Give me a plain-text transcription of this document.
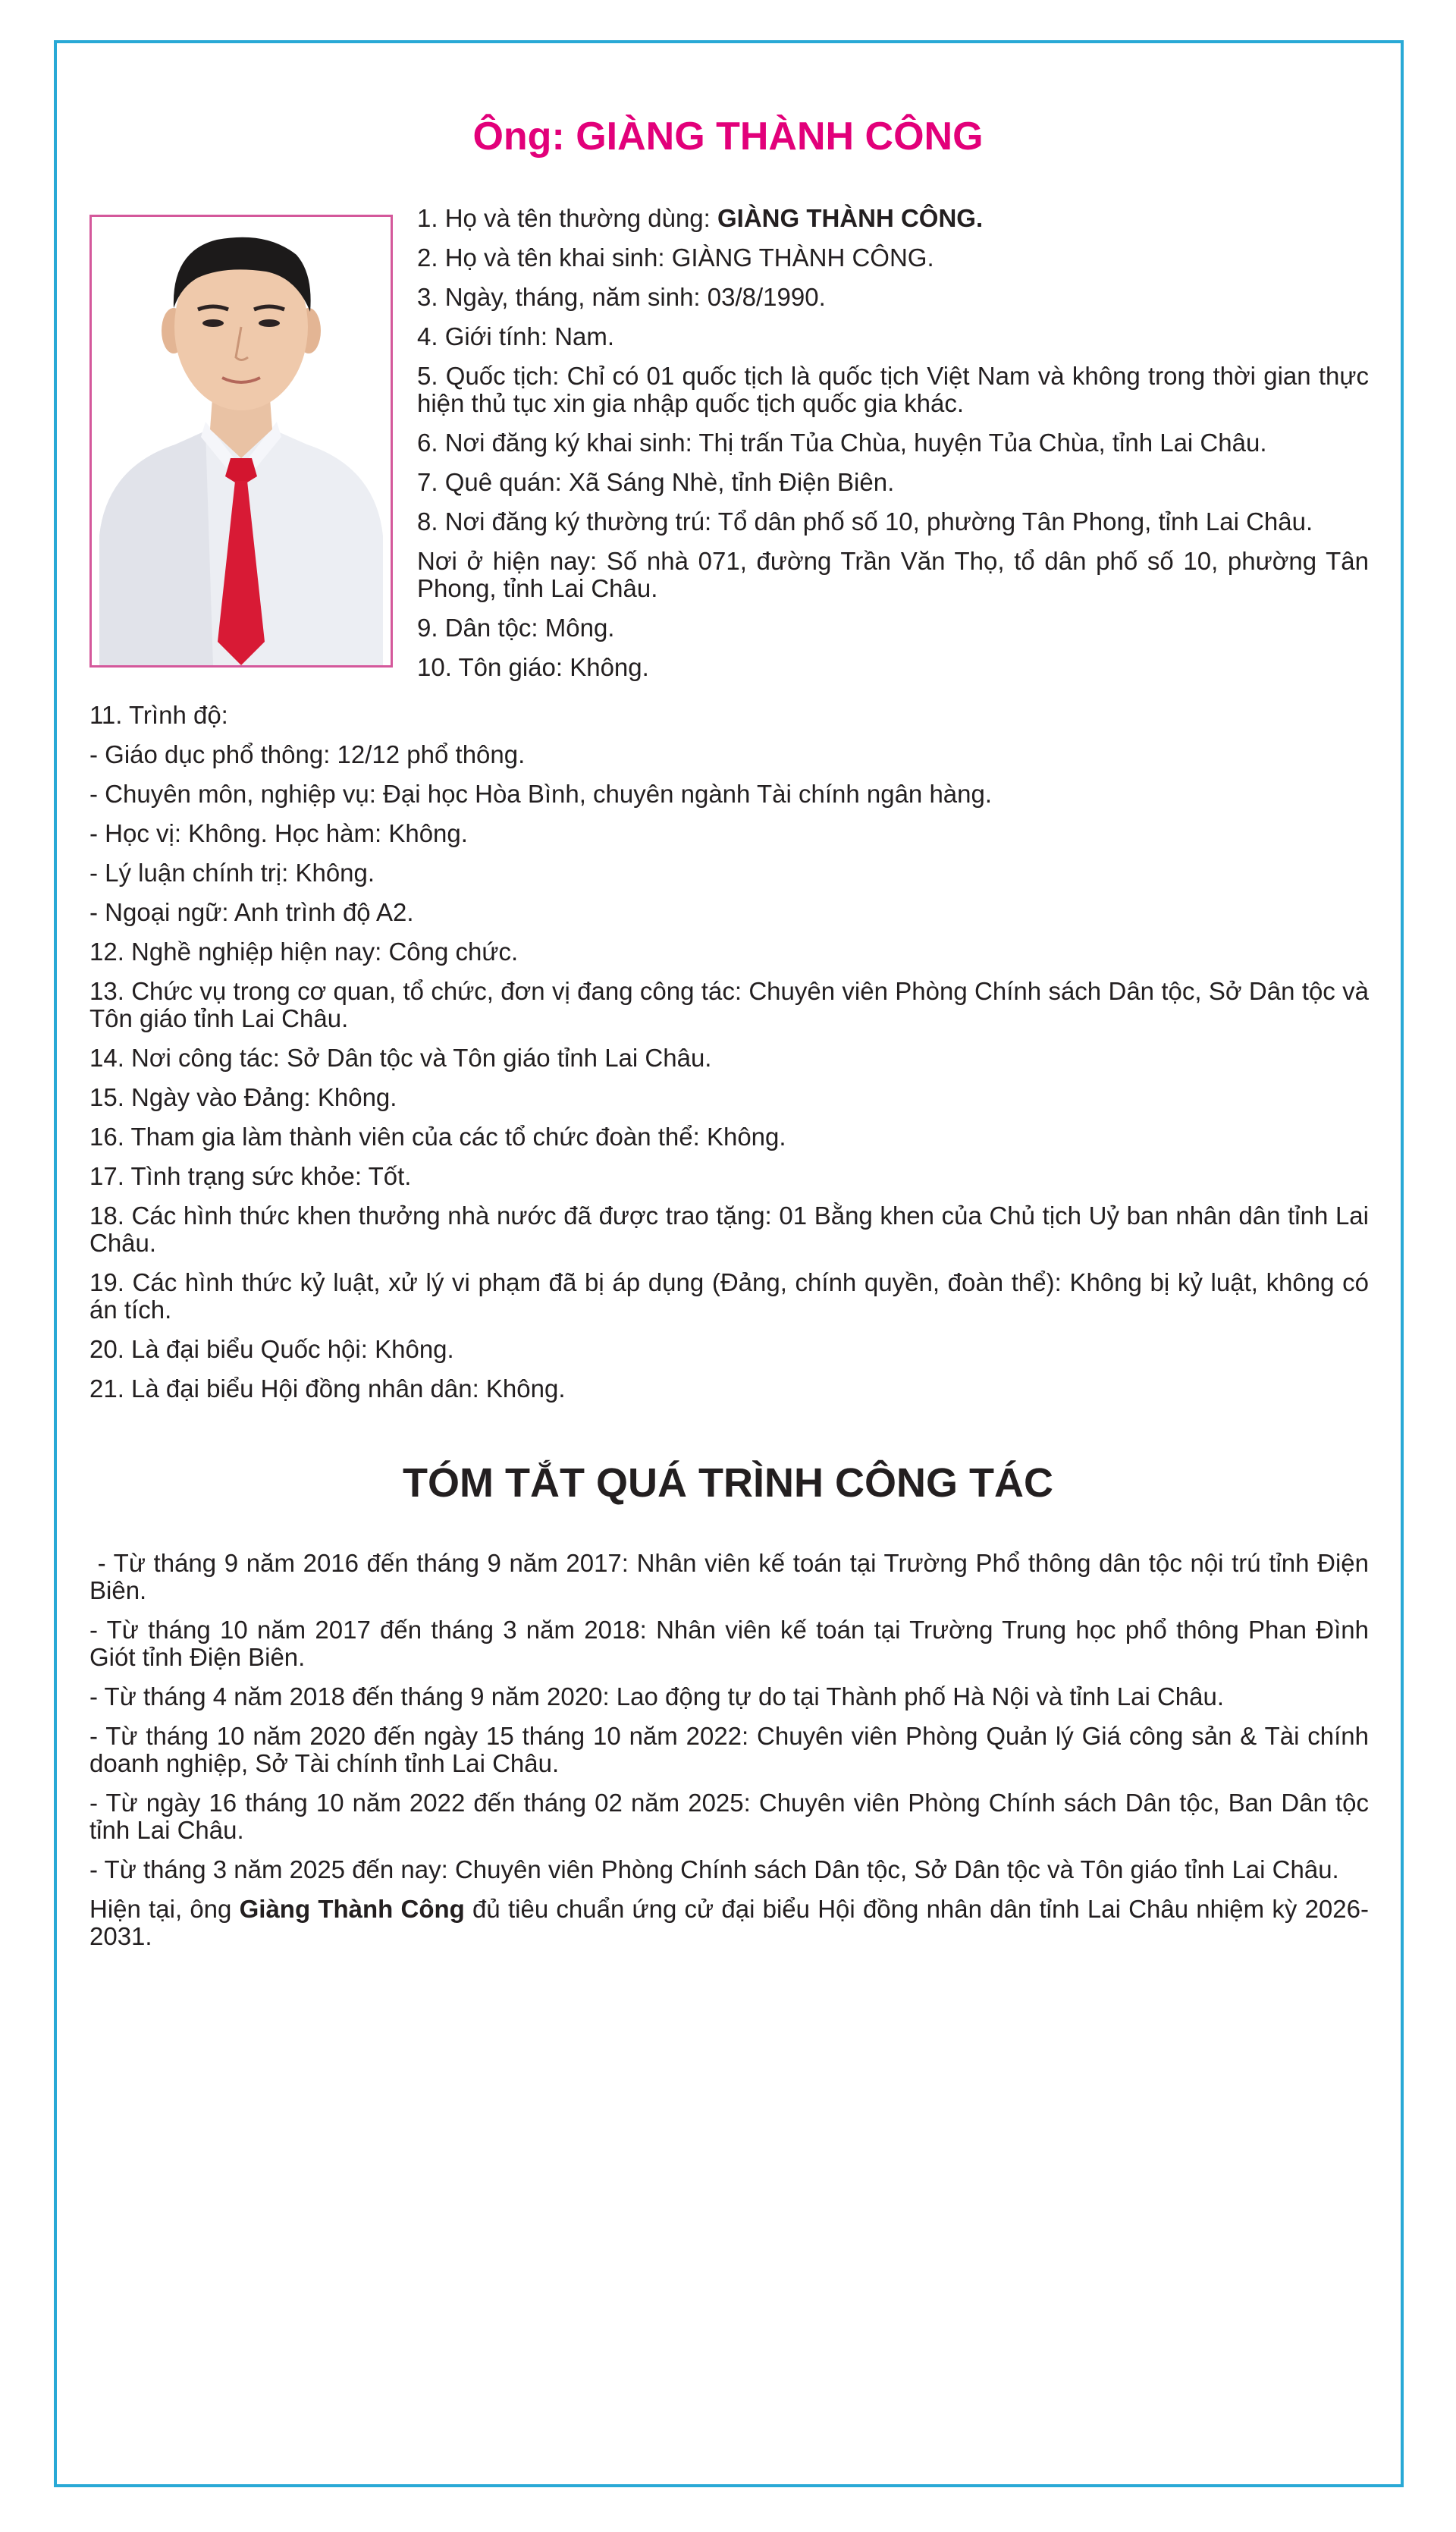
Ông: GIÀNG THÀNH CÔNG
1. Họ và tên thường dùng: GIÀNG THÀNH CÔNG.
2. Họ và tên khai sinh: GIÀNG THÀNH CÔNG.
3. Ngày, tháng, năm sinh: 03/8/1990.
4. Giới tính: Nam.
5. Quốc tịch: Chỉ có 01 quốc tịch là quốc tịch Việt Nam và không trong thời gian thực hiện thủ tục xin gia nhập quốc tịch quốc gia khác.
6. Nơi đăng ký khai sinh: Thị trấn Tủa Chùa, huyện Tủa Chùa, tỉnh Lai Châu.
7. Quê quán: Xã Sáng Nhè, tỉnh Điện Biên.
8. Nơi đăng ký thường trú: Tổ dân phố số 10, phường Tân Phong, tỉnh Lai Châu.
Nơi ở hiện nay: Số nhà 071, đường Trần Văn Thọ, tổ dân phố số 10, phường Tân Phong, tỉnh Lai Châu.
9. Dân tộc: Mông.
10. Tôn giáo: Không.
11. Trình độ:
- Giáo dục phổ thông: 12/12 phổ thông.
- Chuyên môn, nghiệp vụ: Đại học Hòa Bình, chuyên ngành Tài chính ngân hàng.
- Học vị: Không. Học hàm: Không.
- Lý luận chính trị: Không.
- Ngoại ngữ: Anh trình độ A2.
12. Nghề nghiệp hiện nay: Công chức.
13. Chức vụ trong cơ quan, tổ chức, đơn vị đang công tác: Chuyên viên Phòng Chính sách Dân tộc, Sở Dân tộc và Tôn giáo tỉnh Lai Châu.
14. Nơi công tác: Sở Dân tộc và Tôn giáo tỉnh Lai Châu.
15. Ngày vào Đảng: Không.
16. Tham gia làm thành viên của các tổ chức đoàn thể: Không.
17. Tình trạng sức khỏe: Tốt.
18. Các hình thức khen thưởng nhà nước đã được trao tặng: 01 Bằng khen của Chủ tịch Uỷ ban nhân dân tỉnh Lai Châu.
19. Các hình thức kỷ luật, xử lý vi phạm đã bị áp dụng (Đảng, chính quyền, đoàn thể): Không bị kỷ luật, không có án tích.
20. Là đại biểu Quốc hội: Không.
21. Là đại biểu Hội đồng nhân dân: Không.
TÓM TẮT QUÁ TRÌNH CÔNG TÁC
- Từ tháng 9 năm 2016 đến tháng 9 năm 2017: Nhân viên kế toán tại Trường Phổ thông dân tộc nội trú tỉnh Điện Biên.
- Từ tháng 10 năm 2017 đến tháng 3 năm 2018: Nhân viên kế toán tại Trường Trung học phổ thông Phan Đình Giót tỉnh Điện Biên.
- Từ tháng 4 năm 2018 đến tháng 9 năm 2020: Lao động tự do tại Thành phố Hà Nội và tỉnh Lai Châu.
- Từ tháng 10 năm 2020 đến ngày 15 tháng 10 năm 2022: Chuyên viên Phòng Quản lý Giá công sản & Tài chính doanh nghiệp, Sở Tài chính tỉnh Lai Châu.
- Từ ngày 16 tháng 10 năm 2022 đến tháng 02 năm 2025: Chuyên viên Phòng Chính sách Dân tộc, Ban Dân tộc tỉnh Lai Châu.
- Từ tháng 3 năm 2025 đến nay: Chuyên viên Phòng Chính sách Dân tộc, Sở Dân tộc và Tôn giáo tỉnh Lai Châu.
Hiện tại, ông Giàng Thành Công đủ tiêu chuẩn ứng cử đại biểu Hội đồng nhân dân tỉnh Lai Châu nhiệm kỳ 2026-2031.
